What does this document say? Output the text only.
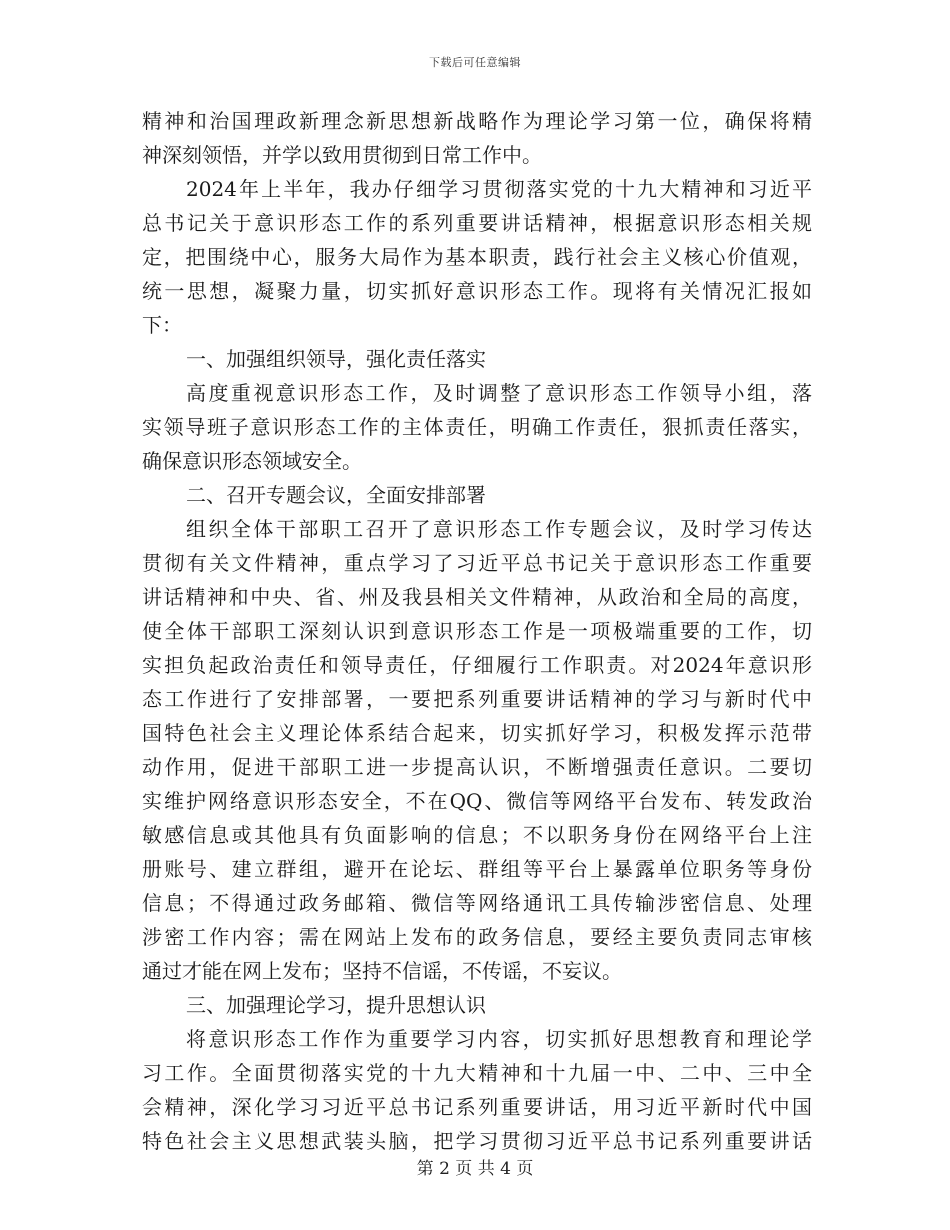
下载后可任意编辑
精神和治国理政新理念新思想新战略作为理论学习第一位，确保将精
神深刻领悟，并学以致用贯彻到日常工作中。
2024年上半年，我办仔细学习贯彻落实党的十九大精神和习近平
总书记关于意识形态工作的系列重要讲话精神，根据意识形态相关规
定，把围绕中心，服务大局作为基本职责，践行社会主义核心价值观，
统一思想，凝聚力量，切实抓好意识形态工作。现将有关情况汇报如
下：
一、加强组织领导，强化责任落实
高度重视意识形态工作，及时调整了意识形态工作领导小组，落
实领导班子意识形态工作的主体责任，明确工作责任，狠抓责任落实，
确保意识形态领域安全。
二、召开专题会议，全面安排部署
组织全体干部职工召开了意识形态工作专题会议，及时学习传达
贯彻有关文件精神，重点学习了习近平总书记关于意识形态工作重要
讲话精神和中央、省、州及我县相关文件精神，从政治和全局的高度，
使全体干部职工深刻认识到意识形态工作是一项极端重要的工作，切
实担负起政治责任和领导责任，仔细履行工作职责。对2024年意识形
态工作进行了安排部署，一要把系列重要讲话精神的学习与新时代中
国特色社会主义理论体系结合起来，切实抓好学习，积极发挥示范带
动作用，促进干部职工进一步提高认识，不断增强责任意识。二要切
实维护网络意识形态安全，不在QQ、微信等网络平台发布、转发政治
敏感信息或其他具有负面影响的信息；不以职务身份在网络平台上注
册账号、建立群组，避开在论坛、群组等平台上暴露单位职务等身份
信息；不得通过政务邮箱、微信等网络通讯工具传输涉密信息、处理
涉密工作内容；需在网站上发布的政务信息，要经主要负责同志审核
通过才能在网上发布；坚持不信谣，不传谣，不妄议。
三、加强理论学习，提升思想认识
将意识形态工作作为重要学习内容，切实抓好思想教育和理论学
习工作。全面贯彻落实党的十九大精神和十九届一中、二中、三中全
会精神，深化学习习近平总书记系列重要讲话，用习近平新时代中国
特色社会主义思想武装头脑，把学习贯彻习近平总书记系列重要讲话
第 2 页 共 4 页
